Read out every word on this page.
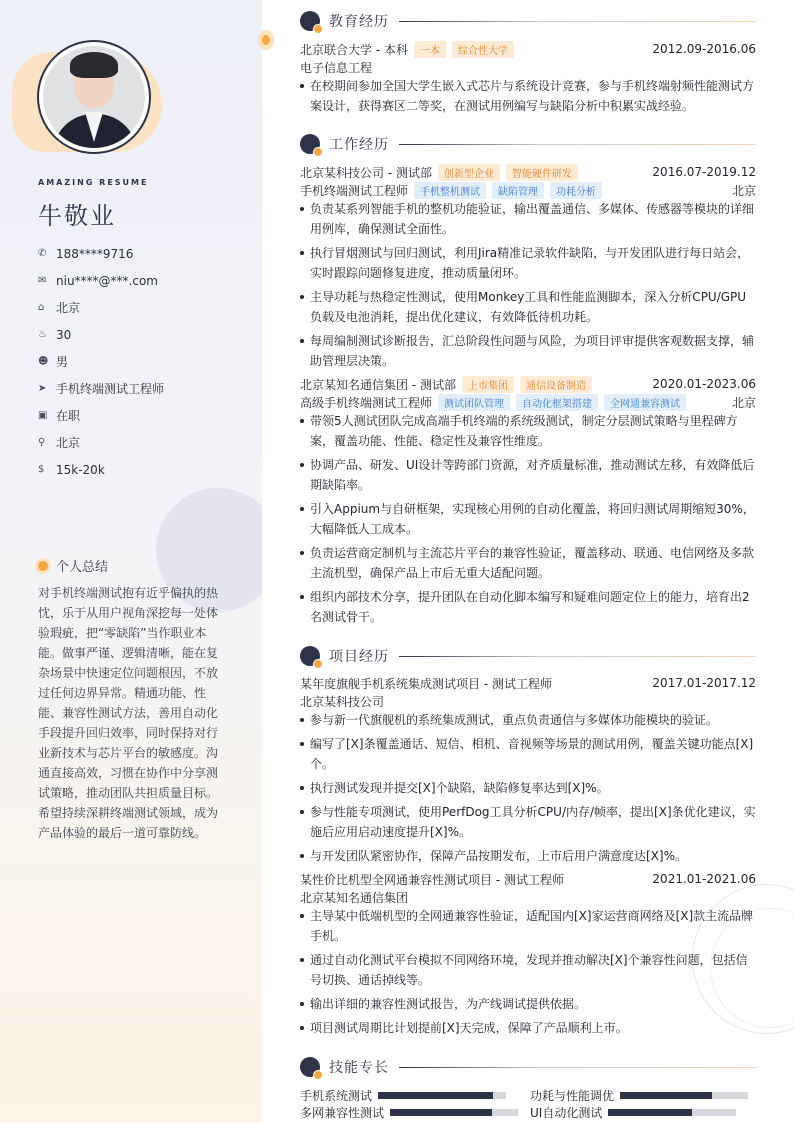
AMAZING RESUME
牛敬业
✆ 188****9716
✉ niu****@***.com
⌂ 北京
♨ 30
☻ 男
➤ 手机终端测试工程师
▣ 在职
⚲ 北京
$ 15k-20k
个人总结
对手机终端测试抱有近乎偏执的热忱，乐于从用户视角深挖每一处体验瑕疵，把“零缺陷”当作职业本能。做事严谨、逻辑清晰，能在复杂场景中快速定位问题根因，不放过任何边界异常。精通功能、性能、兼容性测试方法，善用自动化手段提升回归效率，同时保持对行业新技术与芯片平台的敏感度。沟通直接高效，习惯在协作中分享测试策略，推动团队共担质量目标。希望持续深耕终端测试领域，成为产品体验的最后一道可靠防线。
教育经历
北京联合大学 - 本科	一本	综合性大学	2012.09-2016.06
电子信息工程
在校期间参加全国大学生嵌入式芯片与系统设计竞赛，参与手机终端射频性能测试方案设计，获得赛区二等奖，在测试用例编写与缺陷分析中积累实战经验。
工作经历
北京某科技公司 - 测试部	创新型企业	智能硬件研发	2016.07-2019.12
手机终端测试工程师	手机整机测试	缺陷管理	功耗分析	北京
负责某系列智能手机的整机功能验证，输出覆盖通信、多媒体、传感器等模块的详细用例库，确保测试全面性。
执行冒烟测试与回归测试，利用Jira精准记录软件缺陷，与开发团队进行每日站会，实时跟踪问题修复进度，推动质量闭环。
主导功耗与热稳定性测试，使用Monkey工具和性能监测脚本，深入分析CPU/GPU负载及电池消耗，提出优化建议，有效降低待机功耗。
每周编制测试诊断报告，汇总阶段性问题与风险，为项目评审提供客观数据支撑，辅助管理层决策。
北京某知名通信集团 - 测试部	上市集团	通信设备制造	2020.01-2023.06
高级手机终端测试工程师	测试团队管理	自动化框架搭建	全网通兼容测试	北京
带领5人测试团队完成高端手机终端的系统级测试，制定分层测试策略与里程碑方案，覆盖功能、性能、稳定性及兼容性维度。
协调产品、研发、UI设计等跨部门资源，对齐质量标准，推动测试左移，有效降低后期缺陷率。
引入Appium与自研框架，实现核心用例的自动化覆盖，将回归测试周期缩短30%，大幅降低人工成本。
负责运营商定制机与主流芯片平台的兼容性验证，覆盖移动、联通、电信网络及多款主流机型，确保产品上市后无重大适配问题。
组织内部技术分享，提升团队在自动化脚本编写和疑难问题定位上的能力，培育出2名测试骨干。
项目经历
某年度旗舰手机系统集成测试项目 - 测试工程师	2017.01-2017.12
北京某科技公司
参与新一代旗舰机的系统集成测试，重点负责通信与多媒体功能模块的验证。
编写了[X]条覆盖通话、短信、相机、音视频等场景的测试用例，覆盖关键功能点[X]个。
执行测试发现并提交[X]个缺陷，缺陷修复率达到[X]%。
参与性能专项测试，使用PerfDog工具分析CPU/内存/帧率，提出[X]条优化建议，实施后应用启动速度提升[X]%。
与开发团队紧密协作，保障产品按期发布，上市后用户满意度达[X]%。
某性价比机型全网通兼容性测试项目 - 测试工程师	2021.01-2021.06
北京某知名通信集团
主导某中低端机型的全网通兼容性验证，适配国内[X]家运营商网络及[X]款主流品牌手机。
通过自动化测试平台模拟不同网络环境，发现并推动解决[X]个兼容性问题，包括信号切换、通话掉线等。
输出详细的兼容性测试报告，为产线调试提供依据。
项目测试周期比计划提前[X]天完成，保障了产品顺利上市。
技能专长
手机系统测试	功耗与性能调优
多网兼容性测试	UI自动化测试
